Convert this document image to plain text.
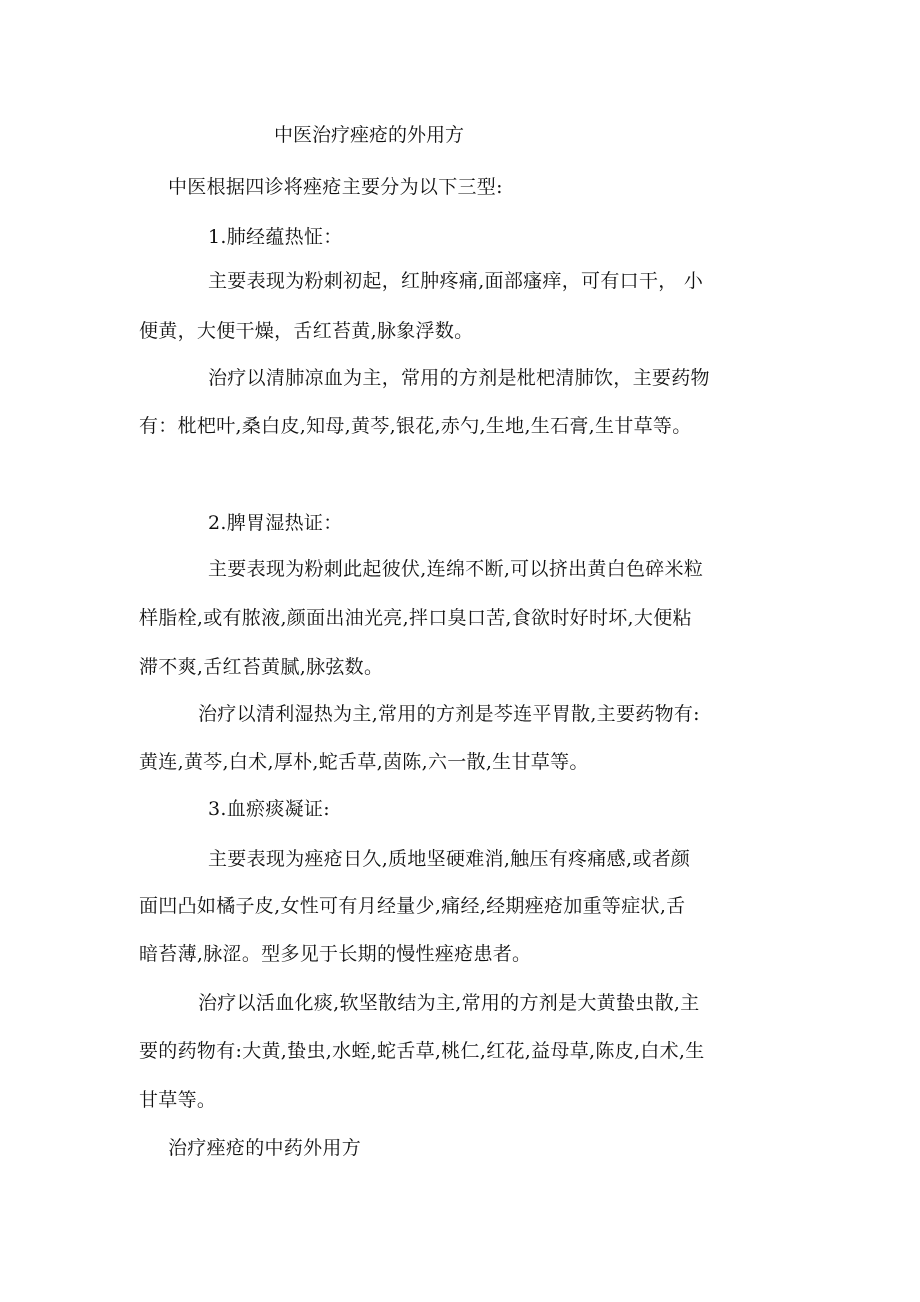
中医治疗痤疮的外用方
中医根据四诊将痤疮主要分为以下三型:
1.肺经蕴热怔：
主要表现为粉刺初起，红肿疼痛,面部瘙痒，可有口干， 小
便黄，大便干燥，舌红苔黄,脉象浮数。
治疗以清肺凉血为主，常用的方剂是枇杷清肺饮，主要药物
有：枇杷叶,桑白皮,知母,黄芩,银花,赤勺,生地,生石膏,生甘草等。
2.脾胃湿热证：
主要表现为粉刺此起彼伏,连绵不断,可以挤出黄白色碎米粒
样脂栓,或有脓液,颜面出油光亮,拌口臭口苦,食欲时好时坏,大便粘
滞不爽,舌红苔黄腻,脉弦数。
治疗以清利湿热为主,常用的方剂是芩连平胃散,主要药物有:
黄连,黄芩,白术,厚朴,蛇舌草,茵陈,六一散,生甘草等。
3.血瘀痰凝证:
主要表现为痤疮日久,质地坚硬难消,触压有疼痛感,或者颜
面凹凸如橘子皮,女性可有月经量少,痛经,经期痤疮加重等症状,舌
暗苔薄,脉涩。型多见于长期的慢性痤疮患者。
治疗以活血化痰,软坚散结为主,常用的方剂是大黄蛰虫散,主
要的药物有:大黄,蛰虫,水蛭,蛇舌草,桃仁,红花,益母草,陈皮,白术,生
甘草等。
治疗痤疮的中药外用方
